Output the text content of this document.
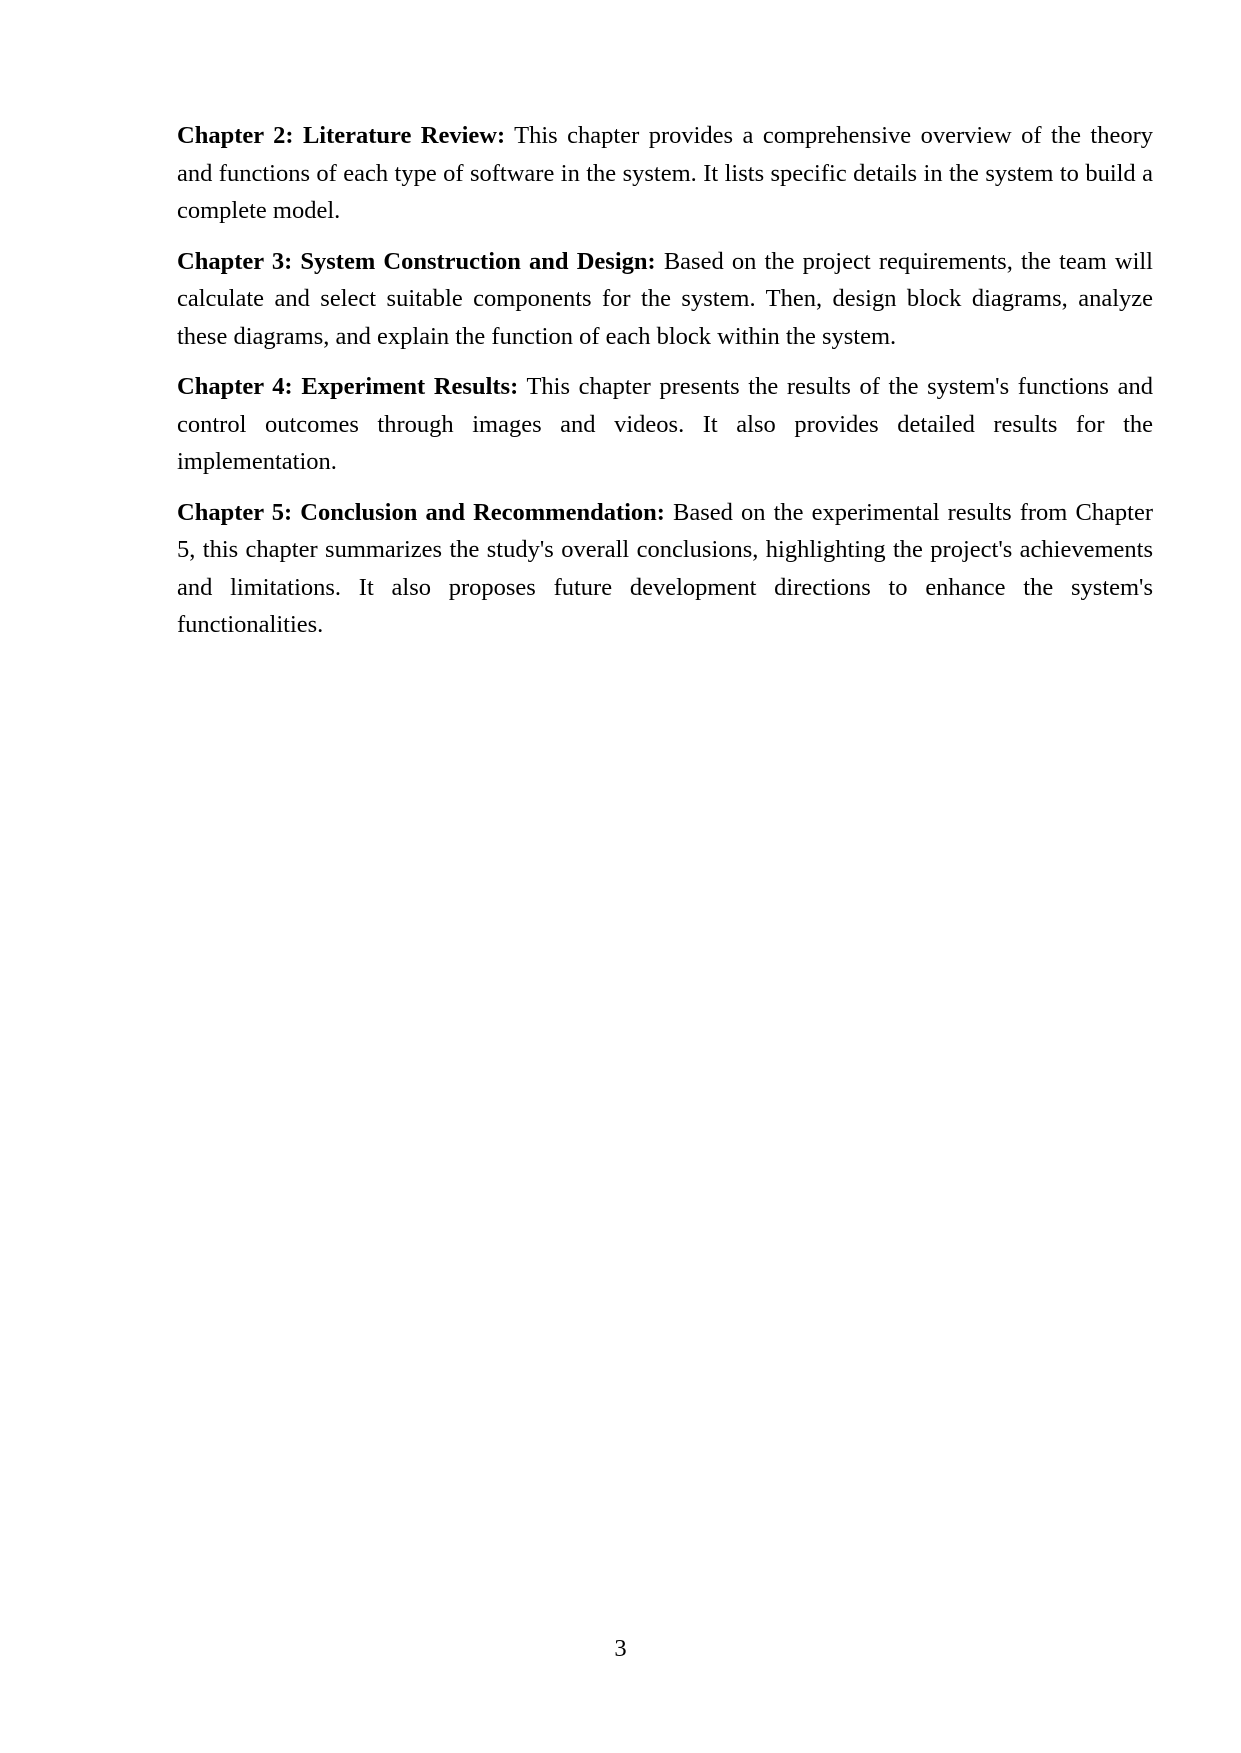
Chapter 2: Literature Review: This chapter provides a comprehensive overview of the theory and functions of each type of software in the system. It lists specific details in the system to build a complete model.

Chapter 3: System Construction and Design: Based on the project requirements, the team will calculate and select suitable components for the system. Then, design block diagrams, analyze these diagrams, and explain the function of each block within the system.

Chapter 4: Experiment Results: This chapter presents the results of the system's functions and control outcomes through images and videos. It also provides detailed results for the implementation.

Chapter 5: Conclusion and Recommendation: Based on the experimental results from Chapter 5, this chapter summarizes the study's overall conclusions, highlighting the project's achievements and limitations. It also proposes future development directions to enhance the system's functionalities.

3
